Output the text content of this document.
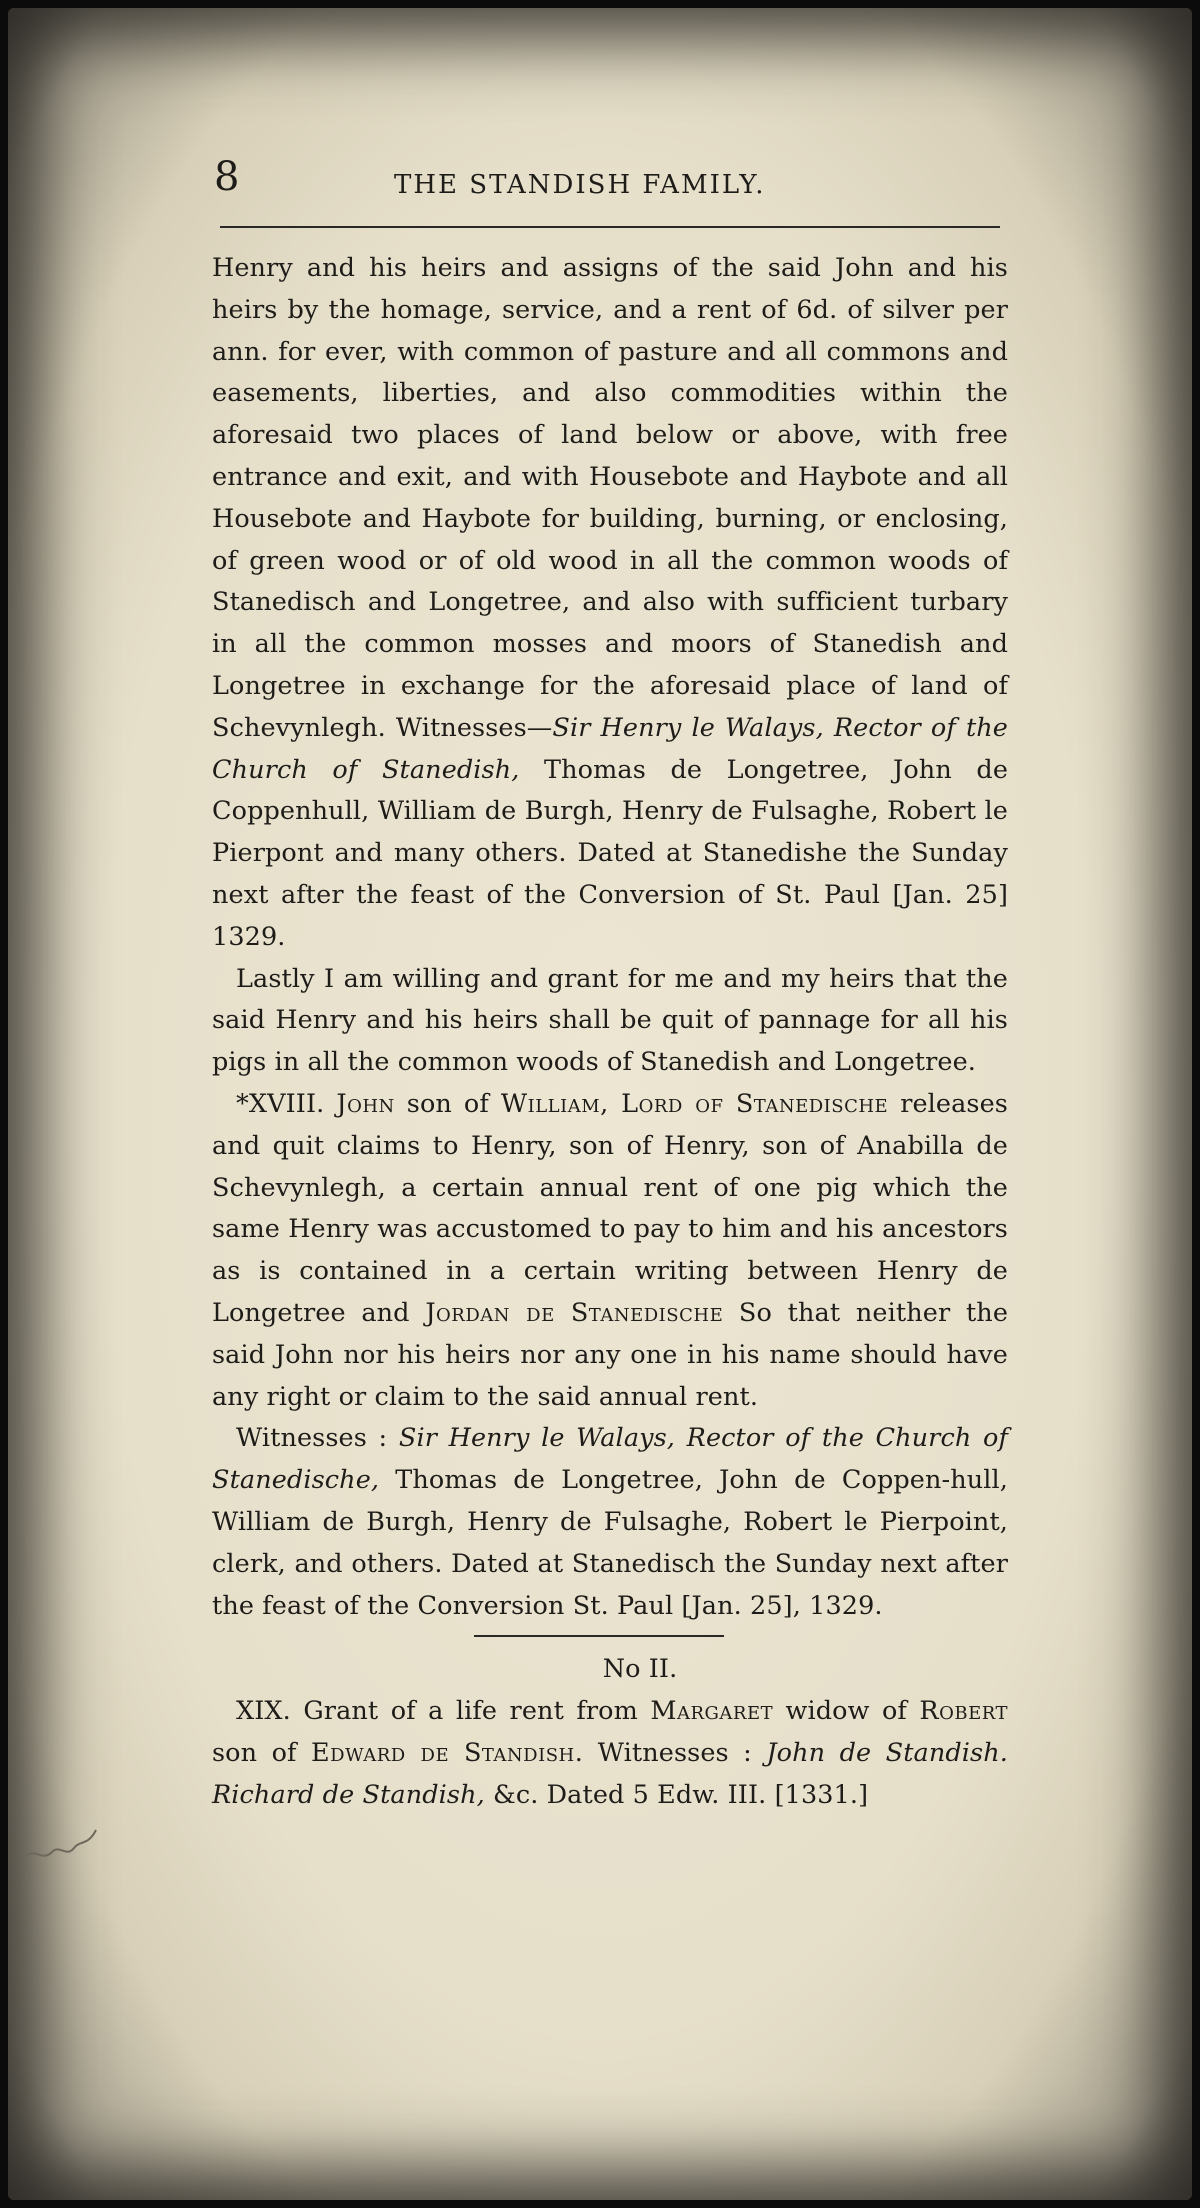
8	THE STANDISH FAMILY.

Henry and his heirs and assigns of the said John and his heirs by the homage, service, and a rent of 6d. of silver per ann. for ever, with common of pasture and all commons and easements, liberties, and also commodities within the aforesaid two places of land below or above, with free entrance and exit, and with Housebote and Haybote and all Housebote and Haybote for building, burning, or enclosing, of green wood or of old wood in all the common woods of Stanedisch and Longetree, and also with sufficient turbary in all the common mosses and moors of Stanedish and Longetree in exchange for the aforesaid place of land of Schevynlegh. Witnesses—Sir Henry le Walays, Rector of the Church of Stanedish, Thomas de Longetree, John de Coppenhull, William de Burgh, Henry de Fulsaghe, Robert le Pierpont and many others. Dated at Stanedishe the Sunday next after the feast of the Conversion of St. Paul [Jan. 25] 1329.

Lastly I am willing and grant for me and my heirs that the said Henry and his heirs shall be quit of pannage for all his pigs in all the common woods of Stanedish and Longetree.

*XVIII. John son of William, Lord of Stanedische releases and quit claims to Henry, son of Henry, son of Anabilla de Schevynlegh, a certain annual rent of one pig which the same Henry was accustomed to pay to him and his ancestors as is contained in a certain writing between Henry de Longetree and Jordan de Stanedische So that neither the said John nor his heirs nor any one in his name should have any right or claim to the said annual rent.

Witnesses : Sir Henry le Walays, Rector of the Church of Stanedische, Thomas de Longetree, John de Coppen-hull, William de Burgh, Henry de Fulsaghe, Robert le Pierpoint, clerk, and others. Dated at Stanedisch the Sunday next after the feast of the Conversion St. Paul [Jan. 25], 1329.

No II.

XIX. Grant of a life rent from Margaret widow of Robert son of Edward de Standish. Witnesses : John de Standish. Richard de Standish, &c. Dated 5 Edw. III. [1331.]
